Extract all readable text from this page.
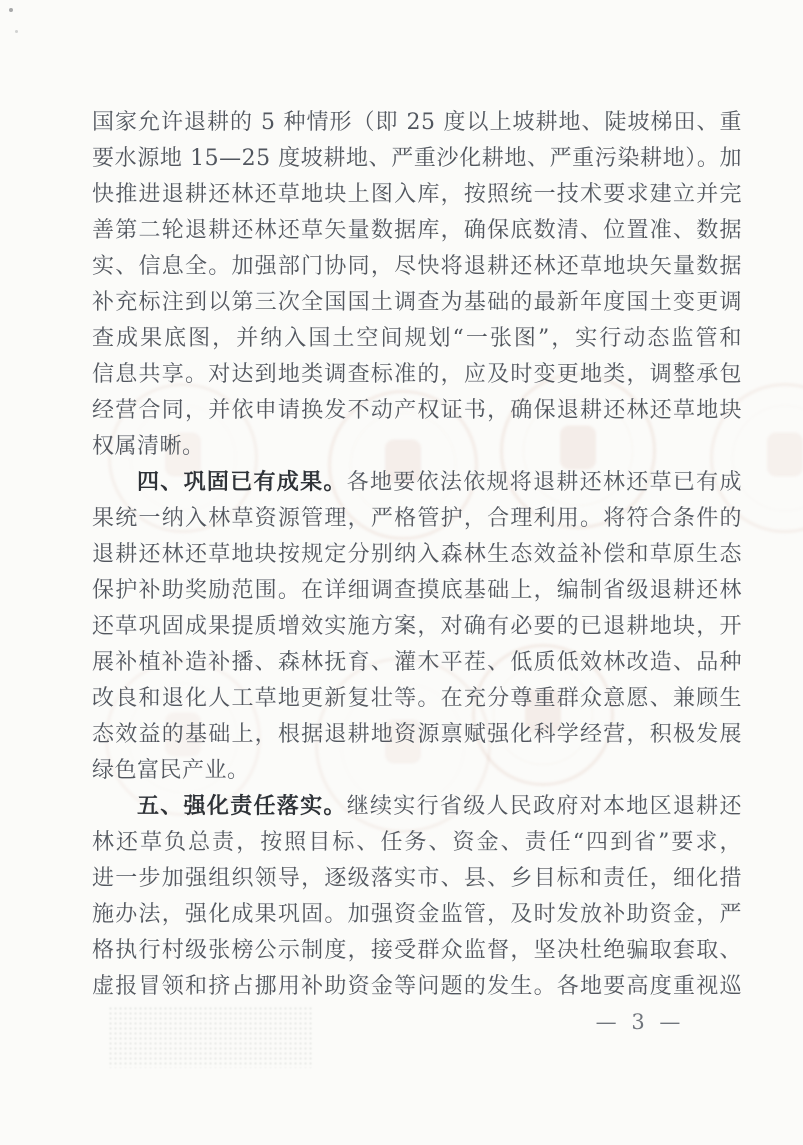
国家允许退耕的 5 种情形（即 25 度以上坡耕地、陡坡梯田、重
要水源地 15—25 度坡耕地、严重沙化耕地、严重污染耕地）。加
快推进退耕还林还草地块上图入库，按照统一技术要求建立并完
善第二轮退耕还林还草矢量数据库，确保底数清、位置准、数据
实、信息全。加强部门协同，尽快将退耕还林还草地块矢量数据
补充标注到以第三次全国国土调查为基础的最新年度国土变更调
查成果底图，并纳入国土空间规划“一张图”，实行动态监管和
信息共享。对达到地类调查标准的，应及时变更地类，调整承包
经营合同，并依申请换发不动产权证书，确保退耕还林还草地块
权属清晰。
四、巩固已有成果。各地要依法依规将退耕还林还草已有成
果统一纳入林草资源管理，严格管护，合理利用。将符合条件的
退耕还林还草地块按规定分别纳入森林生态效益补偿和草原生态
保护补助奖励范围。在详细调查摸底基础上，编制省级退耕还林
还草巩固成果提质增效实施方案，对确有必要的已退耕地块，开
展补植补造补播、森林抚育、灌木平茬、低质低效林改造、品种
改良和退化人工草地更新复壮等。在充分尊重群众意愿、兼顾生
态效益的基础上，根据退耕地资源禀赋强化科学经营，积极发展
绿色富民产业。
五、强化责任落实。继续实行省级人民政府对本地区退耕还
林还草负总责，按照目标、任务、资金、责任“四到省”要求，
进一步加强组织领导，逐级落实市、县、乡目标和责任，细化措
施办法，强化成果巩固。加强资金监管，及时发放补助资金，严
格执行村级张榜公示制度，接受群众监督，坚决杜绝骗取套取、
虚报冒领和挤占挪用补助资金等问题的发生。各地要高度重视巡
— 3 —
